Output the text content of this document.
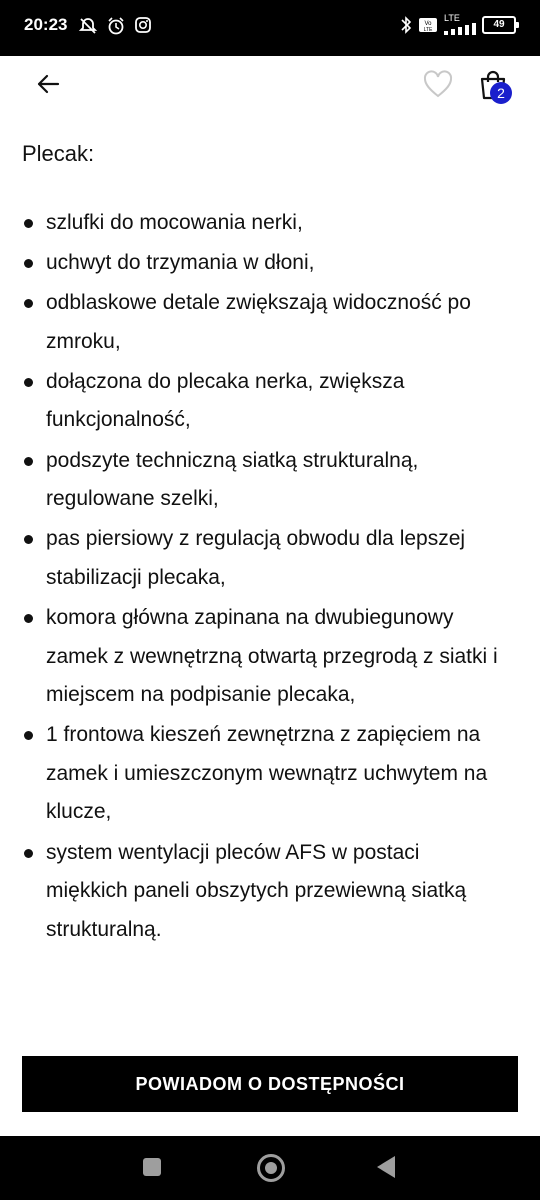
20:23	Vo
LTE
LTE
49
2

Plecak:

szlufki do mocowania nerki,
uchwyt do trzymania w dłoni,
odblaskowe detale zwiększają widoczność po zmroku,
dołączona do plecaka nerka, zwiększa funkcjonalność,
podszyte techniczną siatką strukturalną, regulowane szelki,
pas piersiowy z regulacją obwodu dla lepszej stabilizacji plecaka,
komora główna zapinana na dwubiegunowy zamek z wewnętrzną otwartą przegrodą z siatki i miejscem na podpisanie plecaka,
1 frontowa kieszeń zewnętrzna z zapięciem na zamek i umieszczonym wewnątrz uchwytem na klucze,
system wentylacji pleców AFS w postaci miękkich paneli obszytych przewiewną siatką strukturalną.
POWIADOM O DOSTĘPNOŚCI
